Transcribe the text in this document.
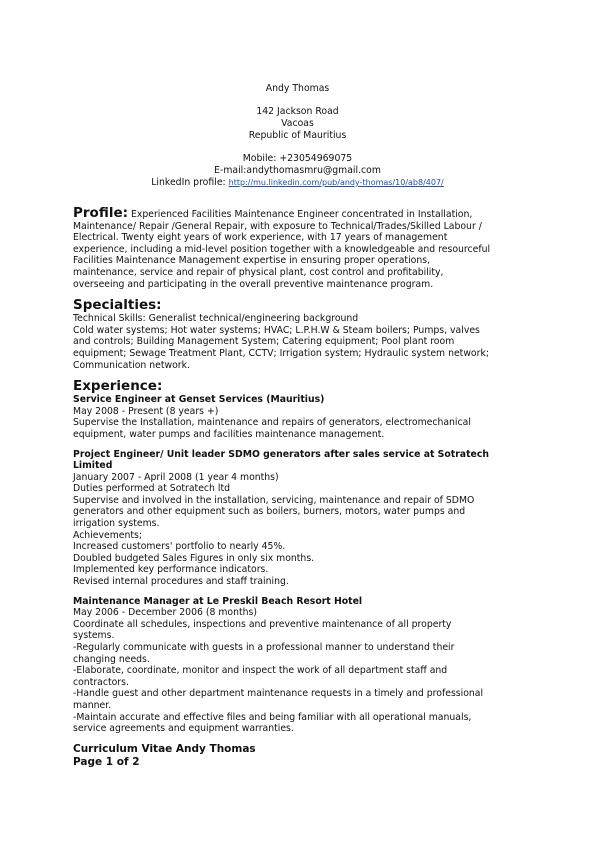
Andy Thomas
142 Jackson Road
Vacoas
Republic of Mauritius
Mobile: +23054969075
E-mail:andythomasmru@gmail.com
LinkedIn profile: http://mu.linkedin.com/pub/andy-thomas/10/ab8/407/
Profile: Experienced Facilities Maintenance Engineer concentrated in Installation,
Maintenance/ Repair /General Repair, with exposure to Technical/Trades/Skilled Labour /
Electrical. Twenty eight years of work experience, with 17 years of management
experience, including a mid-level position together with a knowledgeable and resourceful
Facilities Maintenance Management expertise in ensuring proper operations,
maintenance, service and repair of physical plant, cost control and profitability,
overseeing and participating in the overall preventive maintenance program.
Specialties:
Technical Skills: Generalist technical/engineering background
Cold water systems; Hot water systems; HVAC; L.P.H.W & Steam boilers; Pumps, valves
and controls; Building Management System; Catering equipment; Pool plant room
equipment; Sewage Treatment Plant, CCTV; Irrigation system; Hydraulic system network;
Communication network.
Experience:
Service Engineer at Genset Services (Mauritius)
May 2008 - Present (8 years +)
Supervise the Installation, maintenance and repairs of generators, electromechanical
equipment, water pumps and facilities maintenance management.
Project Engineer/ Unit leader SDMO generators after sales service at Sotratech
Limited
January 2007 - April 2008 (1 year 4 months)
Duties performed at Sotratech ltd
Supervise and involved in the installation, servicing, maintenance and repair of SDMO
generators and other equipment such as boilers, burners, motors, water pumps and
irrigation systems.
Achievements;
Increased customers' portfolio to nearly 45%.
Doubled budgeted Sales Figures in only six months.
Implemented key performance indicators.
Revised internal procedures and staff training.
Maintenance Manager at Le Preskil Beach Resort Hotel
May 2006 - December 2006 (8 months)
Coordinate all schedules, inspections and preventive maintenance of all property
systems.
-Regularly communicate with guests in a professional manner to understand their
changing needs.
-Elaborate, coordinate, monitor and inspect the work of all department staff and
contractors.
-Handle guest and other department maintenance requests in a timely and professional
manner.
-Maintain accurate and effective files and being familiar with all operational manuals,
service agreements and equipment warranties.
Curriculum Vitae Andy Thomas
Page 1 of 2
